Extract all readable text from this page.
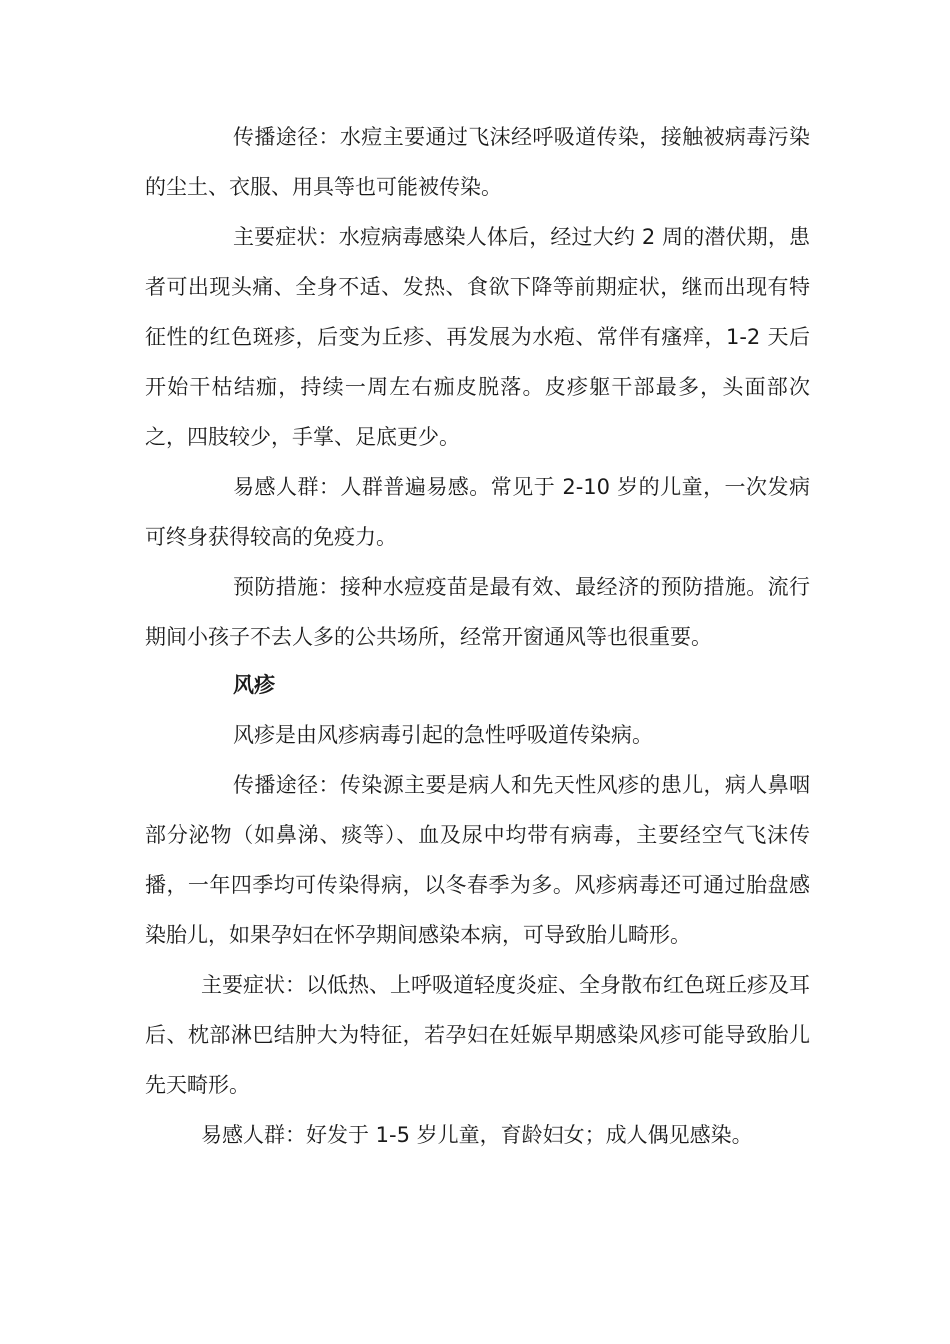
传播途径：水痘主要通过飞沫经呼吸道传染，接触被病毒污染的尘土、衣服、用具等也可能被传染。

主要症状：水痘病毒感染人体后，经过大约 2 周的潜伏期，患者可出现头痛、全身不适、发热、食欲下降等前期症状，继而出现有特征性的红色斑疹，后变为丘疹、再发展为水疱、常伴有瘙痒，1-2 天后开始干枯结痂，持续一周左右痂皮脱落。皮疹躯干部最多，头面部次之，四肢较少，手掌、足底更少。

易感人群：人群普遍易感。常见于 2-10 岁的儿童，一次发病可终身获得较高的免疫力。

预防措施：接种水痘疫苗是最有效、最经济的预防措施。流行期间小孩子不去人多的公共场所，经常开窗通风等也很重要。

风疹

风疹是由风疹病毒引起的急性呼吸道传染病。

传播途径：传染源主要是病人和先天性风疹的患儿，病人鼻咽部分泌物（如鼻涕、痰等）、血及尿中均带有病毒，主要经空气飞沫传播，一年四季均可传染得病，以冬春季为多。风疹病毒还可通过胎盘感染胎儿，如果孕妇在怀孕期间感染本病，可导致胎儿畸形。

主要症状：以低热、上呼吸道轻度炎症、全身散布红色斑丘疹及耳后、枕部淋巴结肿大为特征，若孕妇在妊娠早期感染风疹可能导致胎儿先天畸形。

易感人群：好发于 1-5 岁儿童，育龄妇女；成人偶见感染。
